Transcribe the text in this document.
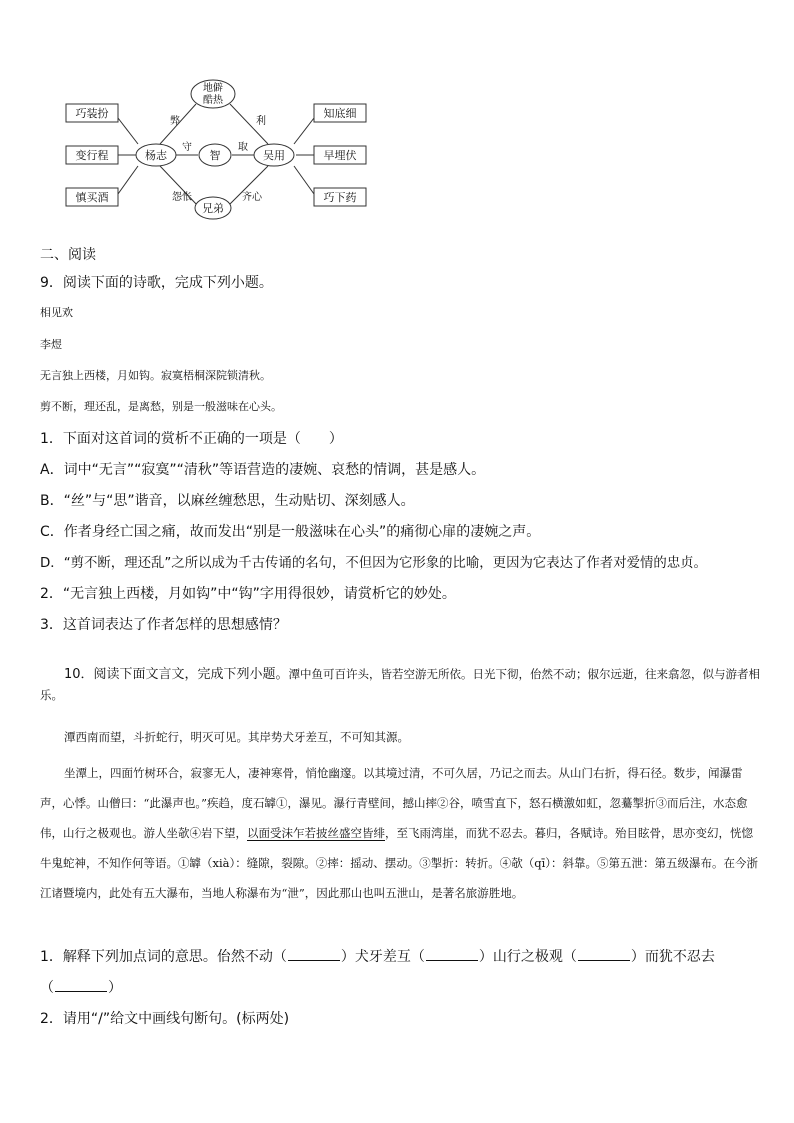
巧装扮
变行程
慎买酒
知底细
早埋伏
巧下药
地僻
酷热
杨志	智	吴用
兄弟
弊	利
守	取
怨怅	齐心
二、阅读
9．阅读下面的诗歌，完成下列小题。
相见欢
李煜
无言独上西楼，月如钩。寂寞梧桐深院锁清秋。
剪不断，理还乱，是离愁，别是一般滋味在心头。
1．下面对这首词的赏析不正确的一项是（　　）
A．词中“无言”“寂寞”“清秋”等语营造的凄婉、哀愁的情调，甚是感人。
B．“丝”与“思”谐音，以麻丝缠愁思，生动贴切、深刻感人。
C．作者身经亡国之痛，故而发出“别是一般滋味在心头”的痛彻心扉的凄婉之声。
D．“剪不断，理还乱”之所以成为千古传诵的名句，不但因为它形象的比喻，更因为它表达了作者对爱情的忠贞。
2．“无言独上西楼，月如钩”中“钩”字用得很妙，请赏析它的妙处。
3．这首词表达了作者怎样的思想感情？
10．阅读下面文言文，完成下列小题。潭中鱼可百许头，皆若空游无所依。日光下彻，佁然不动；俶尔远逝，往来翕忽，似与游者相乐。
潭西南而望，斗折蛇行，明灭可见。其岸势犬牙差互，不可知其源。
坐潭上，四面竹树环合，寂寥无人，凄神寒骨，悄怆幽邃。以其境过清，不可久居，乃记之而去。从山门右折，得石径。数步，闻瀑雷声，心悸。山僧曰：“此瀑声也。”疾趋，度石罅①，瀑见。瀑行青壁间，撼山摔②谷，喷雪直下，怒石横激如虹，忽驀掣折③而后注，水态愈伟，山行之极观也。游人坐欹④岩下望，以面受沫乍若披丝盛空皆绯，至飞雨湾崖，而犹不忍去。暮归，各赋诗。殆目眩骨，思亦变幻，恍惚牛鬼蛇神，不知作何等语。①罅（xià）：缝隙，裂隙。②摔：摇动、摆动。③掣折：转折。④欹（qī）：斜靠。⑤第五泄：第五级瀑布。在今浙江诸暨境内，此处有五大瀑布，当地人称瀑布为“泄”，因此那山也叫五泄山，是著名旅游胜地。
1．解释下列加点词的意思。佁然不动（	）犬牙差互（	）山行之极观（	）而犹不忍去
（	）
2．请用“/”给文中画线句断句。(标两处)
